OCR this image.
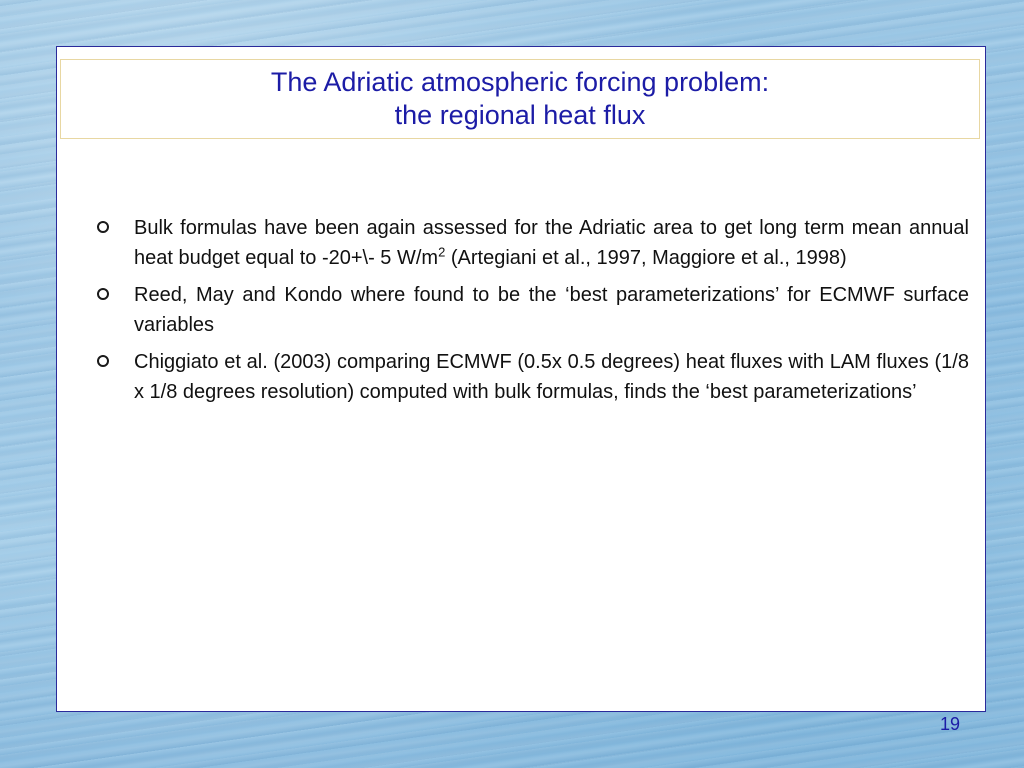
The Adriatic atmospheric forcing problem:
the regional heat flux
Bulk formulas have been again assessed for the Adriatic area to get long term mean annual heat budget equal to -20+\- 5 $W/m^2$ (Artegiani et al., 1997, Maggiore et al., 1998)
Reed, May and Kondo where found to be the ‘best parameterizations’ for ECMWF surface variables
Chiggiato et al. (2003) comparing ECMWF (0.5x 0.5 degrees) heat fluxes with LAM fluxes (1/8 x 1/8 degrees resolution) computed with bulk formulas, finds the ‘best parameterizations’
19
